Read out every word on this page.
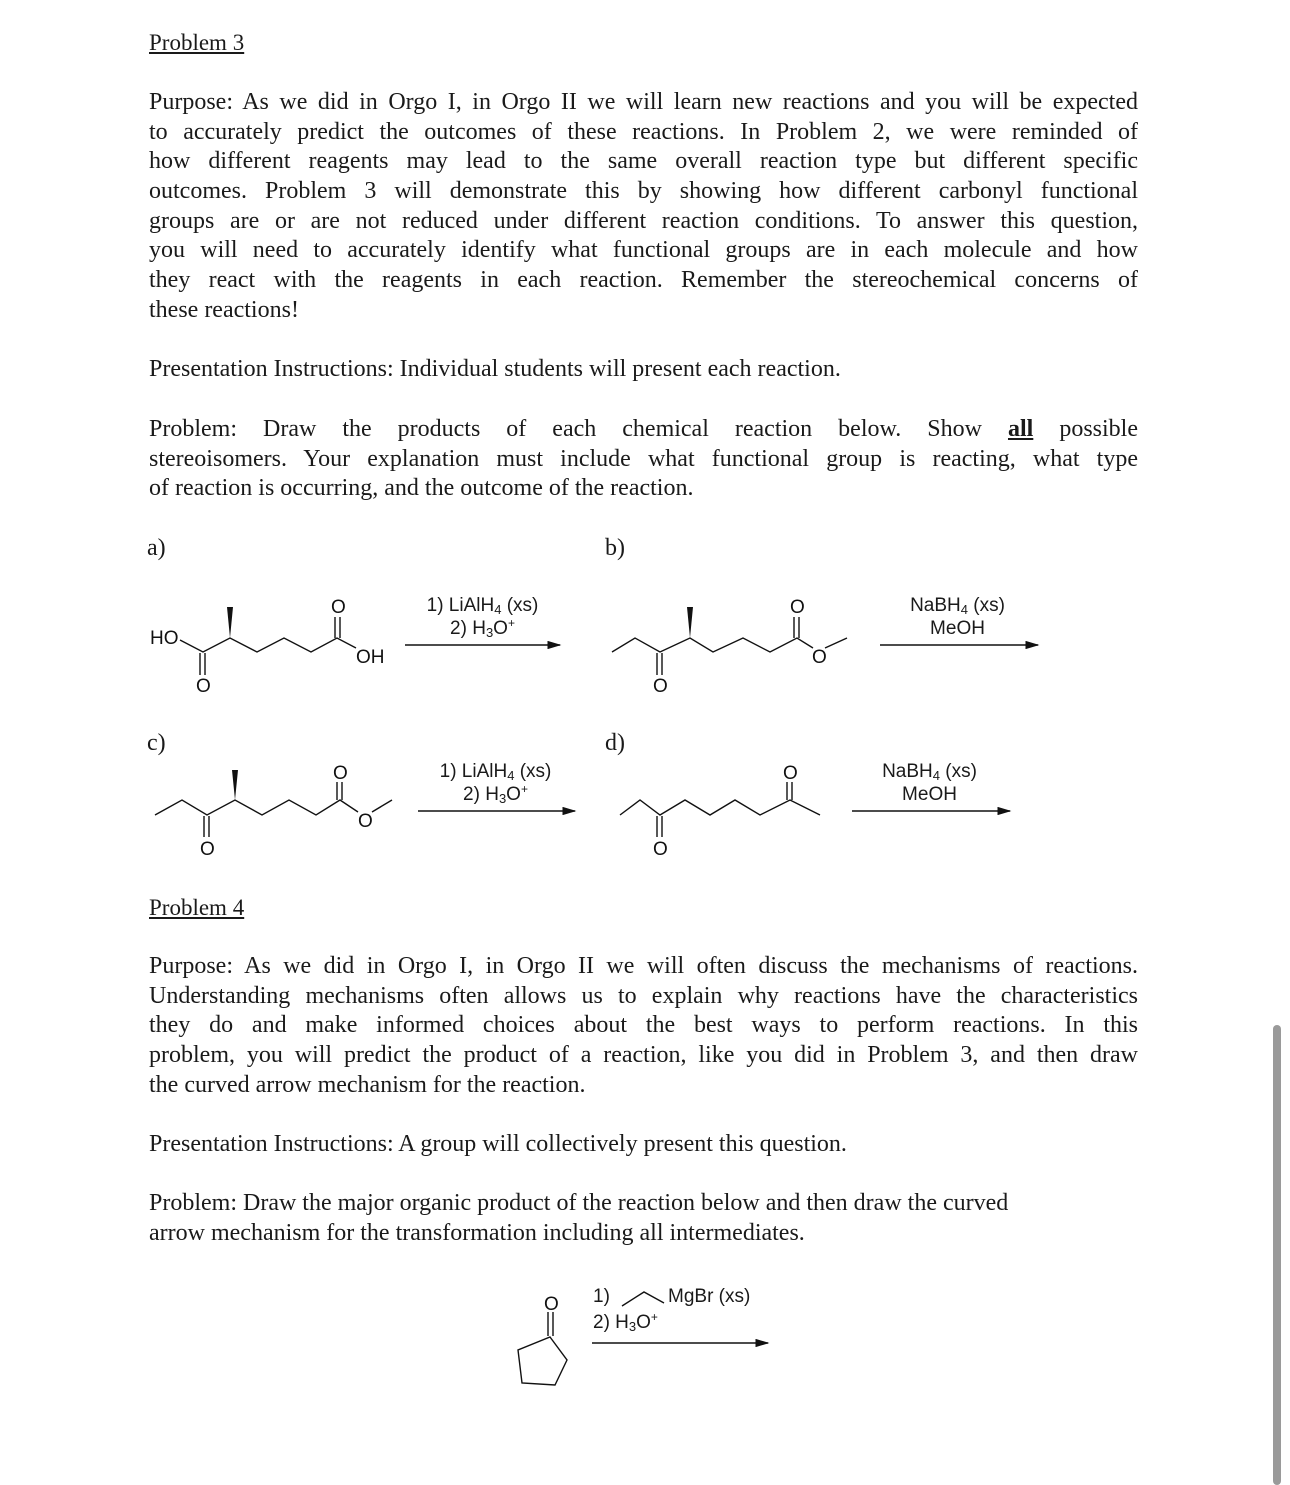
Problem 3
Purpose: As we did in Orgo I, in Orgo II we will learn new reactions and you will be expected
to accurately predict the outcomes of these reactions. In Problem 2, we were reminded of
how different reagents may lead to the same overall reaction type but different specific
outcomes. Problem 3 will demonstrate this by showing how different carbonyl functional
groups are or are not reduced under different reaction conditions. To answer this question,
you will need to accurately identify what functional groups are in each molecule and how
they react with the reagents in each reaction. Remember the stereochemical concerns of
these reactions!
Presentation Instructions: Individual students will present each reaction.
Problem: Draw the products of each chemical reaction below. Show all possible
stereoisomers. Your explanation must include what functional group is reacting, what type
of reaction is occurring, and the outcome of the reaction.
a)	b)
c)	d)
1) LiAlH$_4$ (xs)
2) $H_3O^+$
NaBH$_4$ (xs)
MeOH
1) LiAlH$_4$ (xs)
2) $H_3O^+$
NaBH$_4$ (xs)
MeOH
HO
O
O
OH
O
O
O
O
O
O
O
O
O
Problem 4
Purpose: As we did in Orgo I, in Orgo II we will often discuss the mechanisms of reactions.
Understanding mechanisms often allows us to explain why reactions have the characteristics
they do and make informed choices about the best ways to perform reactions. In this
problem, you will predict the product of a reaction, like you did in Problem 3, and then draw
the curved arrow mechanism for the reaction.
Presentation Instructions: A group will collectively present this question.
Problem: Draw the major organic product of the reaction below and then draw the curved
arrow mechanism for the transformation including all intermediates.
1)	MgBr (xs)
2) $H_3O^+$
